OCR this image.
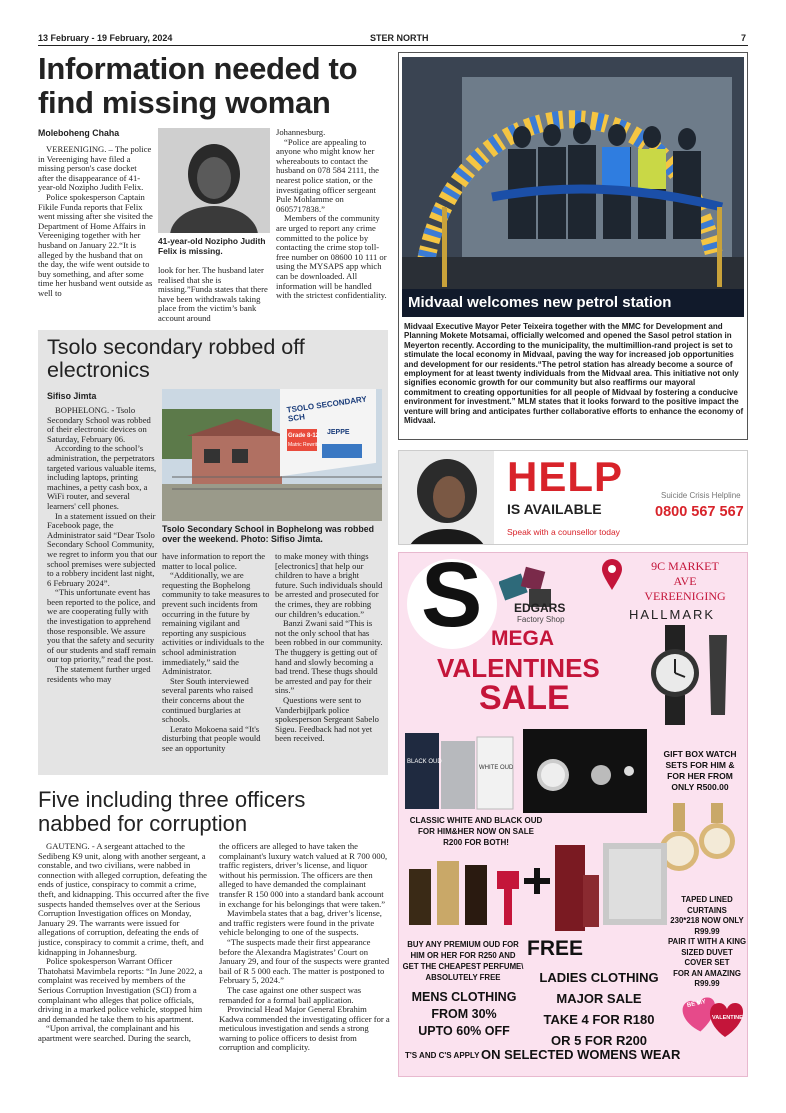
13 February - 19 February, 2024	STER NORTH	7
Information needed to
find missing woman
Moleboheng Chaha

VEREENIGING. – The police in Vereeniging have filed a missing person's case docket after the disappearance of 41-year-old Nozipho Judith Felix.

Police spokesperson Captain Fikile Funda reports that Felix went missing after she visited the Department of Home Affairs in Vereeniging together with her husband on January 22.“It is alleged by the husband that on the day, the wife went outside to buy something, and after some time her husband went outside as well to

41-year-old Nozipho Judith Felix is missing.

look for her. The husband later realised that she is missing.”Funda states that there have been withdrawals taking place from the victim’s bank account around

Johannesburg.

“Police are appealing to anyone who might know her whereabouts to contact the husband on 078 584 2111, the nearest police station, or the investigating officer sergeant Pule Mohlamme on 0605717838.”

Members of the community are urged to report any crime committed to the police by contacting the crime stop toll-free number on 08600 10 111 or using the MYSAPS app which can be downloaded. All information will be handled with the strictest confidentiality.

Tsolo secondary robbed off
electronics
Sifiso Jimta

BOPHELONG. - Tsolo Secondary School was robbed of their electronic devices on Saturday, February 06.

According to the school’s administration, the perpetrators targeted various valuable items, including laptops, printing machines, a petty cash box, a WiFi router, and several learners' cell phones.

In a statement issued on their Facebook page, the Administrator said “Dear Tsolo Secondary School Community, we regret to inform you that our school premises were subjected to a robbery incident last night, 6 February 2024”.

“This unfortunate event has been reported to the police, and we are cooperating fully with the investigation to apprehend those responsible. We assure you that the safety and security of our students and staff remain our top priority,” read the post.

The statement further urged residents who may

TSOLO SECONDARY SCH
JEPPE
Grade 8-12
Matric Rewrite
Tsolo Secondary School in Bophelong was robbed over the weekend. Photo: Sifiso Jimta.

have information to report the matter to local police.

“Additionally, we are requesting the Bophelong community to take measures to prevent such incidents from occurring in the future by remaining vigilant and reporting any suspicious activities or individuals to the school administration immediately,” said the Administrator.

Ster South interviewed several parents who raised their concerns about the continued burglaries at schools.

Lerato Mokoena said “It's disturbing that people would see an opportunity

to make money with things [electronics] that help our children to have a bright future. Such individuals should be arrested and prosecuted for the crimes, they are robbing our children’s education.”

Banzi Zwani said “This is not the only school that has been robbed in our community. The thuggery is getting out of hand and slowly becoming a bad trend. These thugs should be arrested and pay for their sins.”

Questions were sent to Vanderbijlpark police spokesperson Sergeant Sabelo Sigeu. Feedback had not yet been received.

Five including three officers
nabbed for corruption

GAUTENG. - A sergeant attached to the Sedibeng K9 unit, along with another sergeant, a constable, and two civilians, were nabbed in connection with alleged corruption, defeating the ends of justice, conspiracy to commit a crime, theft, and kidnapping. This occurred after the five suspects handed themselves over at the Serious Corruption Investigation offices on Monday, January 29. The warrants were issued for allegations of corruption, defeating the ends of justice, conspiracy to commit a crime, theft, and kidnapping in Johannesburg.

Police spokesperson Warrant Officer Thatohatsi Mavimbela reports: “In June 2022, a complaint was received by members of the Serious Corruption Investigation (SCI) from a complainant who alleges that police officials, driving in a marked police vehicle, stopped him and demanded he take them to his apartment.

“Upon arrival, the complainant and his apartment were searched. During the search,

the officers are alleged to have taken the complainant's luxury watch valued at R 700 000, traffic registers, driver’s license, and liquor without his permission. The officers are then alleged to have demanded the complainant transfer R 150 000 into a standard bank account in exchange for his belongings that were taken.”

Mavimbela states that a bag, driver’s license, and traffic registers were found in the private vehicle belonging to one of the suspects.

“The suspects made their first appearance before the Alexandra Magistrates’ Court on January 29, and four of the suspects were granted bail of R 5 000 each. The matter is postponed to February 5, 2024.”

The case against one other suspect was remanded for a formal bail application.

Provincial Head Major General Ebrahim Kadwa commended the investigating officer for a meticulous investigation and sends a strong warning to police officers to desist from corruption and complicity.

Midvaal welcomes new petrol station
Midvaal Executive Mayor Peter Teixeira together with the MMC for Development and Planning Mokete Motsamai, officially welcomed and opened the Sasol petrol station in Meyerton recently. According to the municipality, the multimillion-rand project is set to stimulate the local economy in Midvaal, paving the way for increased job opportunities and development for our residents.“The petrol station has already become a source of employment for at least twenty individuals from the Midvaal area. This initiative not only signifies economic growth for our community but also reaffirms our mayoral commitment to creating opportunities for all people of Midvaal by fostering a conducive environment for investment.” MLM states that it looks forward to the positive impact the venture will bring and anticipates further collaborative efforts to enhance the economy of Midvaal.
HELP
IS AVAILABLE
Speak with a counsellor today
Suicide Crisis Helpline
0800 567 567
S	EDGARS
Factory Shop
9C MARKET
AVE
VEREENIGING
HALLMARK
MEGA
VALENTINES
SALE
BLACK OUD
WHITE OUD
GIFT BOX WATCH
SETS FOR HIM &
FOR HER FROM
ONLY R500.00
CLASSIC WHITE AND BLACK OUD
FOR HIM&HER NOW ON SALE
R200 FOR BOTH!
TAPED LINED CURTAINS
230*218 NOW ONLY
R99.99
PAIR IT WITH A KING
SIZED DUVET COVER SET
FOR AN AMAZING R99.99
BUY ANY PREMIUM OUD FOR
HIM OR HER FOR R250 AND
GET THE CHEAPEST PERFUME\
ABSOLUTELY FREE
FREE
MENS CLOTHING
FROM 30%
UPTO 60% OFF
LADIES CLOTHING
MAJOR SALE
TAKE 4 FOR R180
OR 5 FOR R200
BE MY
VALENTINE
T'S AND C'S APPLY ON SELECTED WOMENS WEAR
